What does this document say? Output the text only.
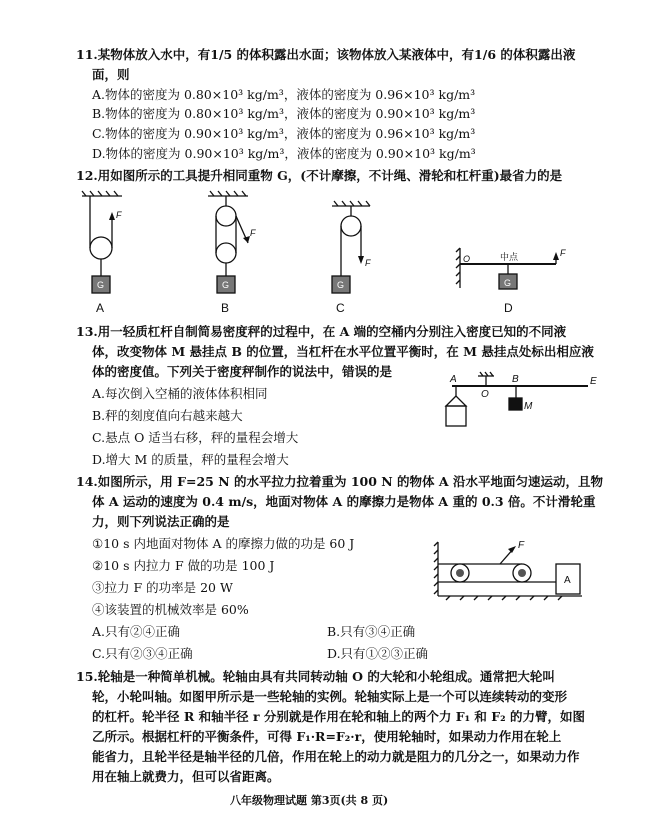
11.某物体放入水中，有1/5 的体积露出水面；该物体放入某液体中，有1/6 的体积露出液
面，则
A.物体的密度为 0.80×10³ kg/m³，液体的密度为 0.96×10³ kg/m³
B.物体的密度为 0.80×10³ kg/m³，液体的密度为 0.90×10³ kg/m³
C.物体的密度为 0.90×10³ kg/m³，液体的密度为 0.96×10³ kg/m³
D.物体的密度为 0.90×10³ kg/m³，液体的密度为 0.90×10³ kg/m³
12.用如图所示的工具提升相同重物 G，(不计摩擦，不计绳、滑轮和杠杆重)最省力的是
F
F
F
F
O	中点
G	G	G	G
A	B	C	D
13.用一轻质杠杆自制简易密度秤的过程中，在 A 端的空桶内分别注入密度已知的不同液
体，改变物体 M 悬挂点 B 的位置，当杠杆在水平位置平衡时，在 M 悬挂点处标出相应液
体的密度值。下列关于密度秤制作的说法中，错误的是
A.每次倒入空桶的液体体积相同
B.秤的刻度值向右越来越大
C.悬点 O 适当右移，秤的量程会增大
D.增大 M 的质量，秤的量程会增大
A
O
B	E
M
14.如图所示，用 F=25 N 的水平拉力拉着重为 100 N 的物体 A 沿水平地面匀速运动，且物
体 A 运动的速度为 0.4 m/s，地面对物体 A 的摩擦力是物体 A 重的 0.3 倍。不计滑轮重
力，则下列说法正确的是
①10 s 内地面对物体 A 的摩擦力做的功是 60 J
②10 s 内拉力 F 做的功是 100 J
③拉力 F 的功率是 20 W
④该装置的机械效率是 60%
A.只有②④正确	B.只有③④正确
C.只有②③④正确	D.只有①②③正确
F
A
15.轮轴是一种简单机械。轮轴由具有共同转动轴 O 的大轮和小轮组成。通常把大轮叫
轮，小轮叫轴。如图甲所示是一些轮轴的实例。轮轴实际上是一个可以连续转动的变形
的杠杆。轮半径 R 和轴半径 r 分别就是作用在轮和轴上的两个力 F₁ 和 F₂ 的力臂，如图
乙所示。根据杠杆的平衡条件，可得 F₁·R=F₂·r，使用轮轴时，如果动力作用在轮上
能省力，且轮半径是轴半径的几倍，作用在轮上的动力就是阻力的几分之一，如果动力作
用在轴上就费力，但可以省距离。
八年级物理试题 第3页(共 8 页)
